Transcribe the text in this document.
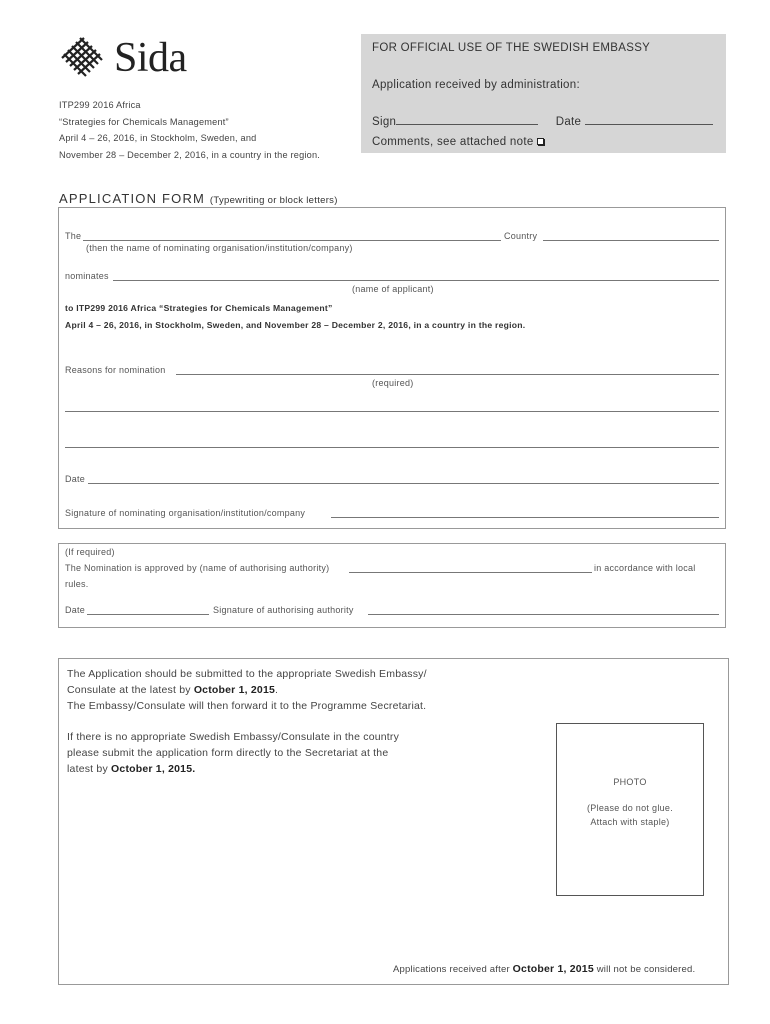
Sida
ITP299 2016 Africa
“Strategies for Chemicals Management”
April 4 – 26, 2016, in Stockholm, Sweden, and
November 28 – December 2, 2016, in a country in the region.
FOR OFFICIAL USE OF THE SWEDISH EMBASSY
Application received by administration:
Sign	Date
Comments, see attached note
APPLICATION FORM (Typewriting or block letters)
The	Country
(then the name of nominating organisation/institution/company)
nominates
(name of applicant)
to ITP299 2016 Africa “Strategies for Chemicals Management”
April 4 – 26, 2016, in Stockholm, Sweden, and November 28 – December 2, 2016, in a country in the region.
Reasons for nomination
(required)
Date
Signature of nominating organisation/institution/company
(If required)
The Nomination is approved by (name of authorising authority)	in accordance with local
rules.
Date	Signature of authorising authority
The Application should be submitted to the appropriate Swedish Embassy/
Consulate at the latest by October 1, 2015.
The Embassy/Consulate will then forward it to the Programme Secretariat.
If there is no appropriate Swedish Embassy/Consulate in the country
please submit the application form directly to the Secretariat at the
latest by October 1, 2015.
Applications received after October 1, 2015 will not be considered.
PHOTO
(Please do not glue.
Attach with staple)
